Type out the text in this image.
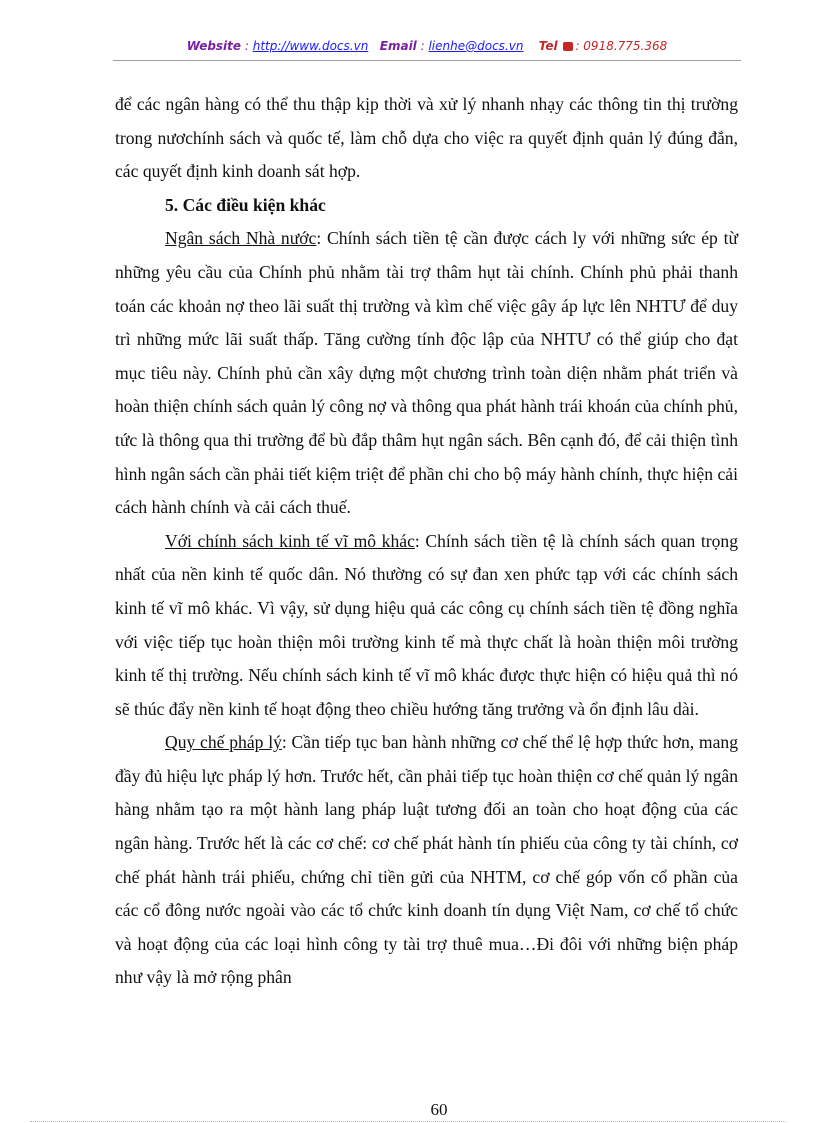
Website : http://www.docs.vn Email : lienhe@docs.vn Tel : 0918.775.368

để các ngân hàng có thể thu thập kịp thời và xử lý nhanh nhạy các thông tin thị trường trong nươchính sách và quốc tế, làm chỗ dựa cho việc ra quyết định quản lý đúng đắn, các quyết định kinh doanh sát hợp.

5. Các điều kiện khác

Ngân sách Nhà nước: Chính sách tiền tệ cần được cách ly với những sức ép từ những yêu cầu của Chính phủ nhằm tài trợ thâm hụt tài chính. Chính phủ phải thanh toán các khoản nợ theo lãi suất thị trường và kìm chế việc gây áp lực lên NHTƯ để duy trì những mức lãi suất thấp. Tăng cường tính độc lập của NHTƯ có thể giúp cho đạt mục tiêu này. Chính phủ cần xây dựng một chương trình toàn diện nhằm phát triển và hoàn thiện chính sách quản lý công nợ và thông qua phát hành trái khoán của chính phủ, tức là thông qua thi trường để bù đắp thâm hụt ngân sách. Bên cạnh đó, để cải thiện tình hình ngân sách cần phải tiết kiệm triệt để phần chi cho bộ máy hành chính, thực hiện cải cách hành chính và cải cách thuế.

Với chính sách kinh tế vĩ mô khác: Chính sách tiền tệ là chính sách quan trọng nhất của nền kinh tế quốc dân. Nó thường có sự đan xen phức tạp với các chính sách kinh tế vĩ mô khác. Vì vậy, sử dụng hiệu quả các công cụ chính sách tiền tệ đồng nghĩa với việc tiếp tục hoàn thiện môi trường kinh tế mà thực chất là hoàn thiện môi trường kinh tế thị trường. Nếu chính sách kinh tế vĩ mô khác được thực hiện có hiệu quả thì nó sẽ thúc đẩy nền kinh tế hoạt động theo chiều hướng tăng trưởng và ổn định lâu dài.

Quy chế pháp lý: Cần tiếp tục ban hành những cơ chế thể lệ hợp thức hơn, mang đầy đủ hiệu lực pháp lý hơn. Trước hết, cần phải tiếp tục hoàn thiện cơ chế quản lý ngân hàng nhằm tạo ra một hành lang pháp luật tương đối an toàn cho hoạt động của các ngân hàng. Trước hết là các cơ chế: cơ chế phát hành tín phiếu của công ty tài chính, cơ chế phát hành trái phiếu, chứng chỉ tiền gửi của NHTM, cơ chế góp vốn cổ phần của các cổ đông nước ngoài vào các tổ chức kinh doanh tín dụng Việt Nam, cơ chế tổ chức và hoạt động của các loại hình công ty tài trợ thuê mua…Đi đôi với những biện pháp như vậy là mở rộng phân

60
